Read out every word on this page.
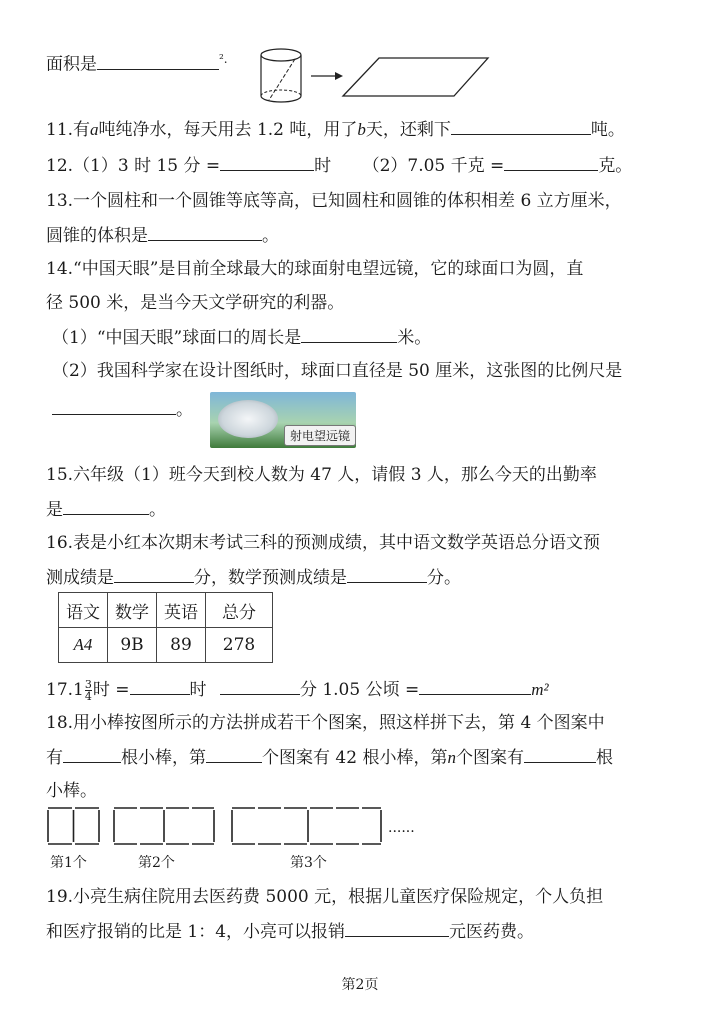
面积是	$^{^2.}$
11.有a吨纯净水，每天用去 1.2 吨，用了b天，还剩下	吨。
12.（1）3 时 15 分 =	时 （2）7.05 千克 =	克。
13.一个圆柱和一个圆锥等底等高，已知圆柱和圆锥的体积相差 6 立方厘米，
圆锥的体积是	。
14.“中国天眼”是目前全球最大的球面射电望远镜，它的球面口为圆，直
径 500 米，是当今天文学研究的利器。
（1）“中国天眼”球面口的周长是	米。
（2）我国科学家在设计图纸时，球面口直径是 50 厘米，这张图的比例尺是
。
射电望远镜
15.六年级（1）班今天到校人数为 47 人，请假 3 人，那么今天的出勤率
是	。
16.表是小红本次期末考试三科的预测成绩，其中语文数学英语总分语文预
测成绩是	分，数学预测成绩是	分。
语文	数学	英语	总分
A4	9B	89	278
$17.1 \frac{3}{4}$ 时 =	时	分 1.05 公顷 =	m²
18.用小棒按图所示的方法拼成若干个图案，照这样拼下去，第 4 个图案中
有	根小棒，第	个图案有 42 根小棒，第n个图案有	根
小棒。
......
第1个	第2个	第3个
19.小亮生病住院用去医药费 5000 元，根据儿童医疗保险规定，个人负担
和医疗报销的比是 1：4，小亮可以报销	元医药费。
第2页
